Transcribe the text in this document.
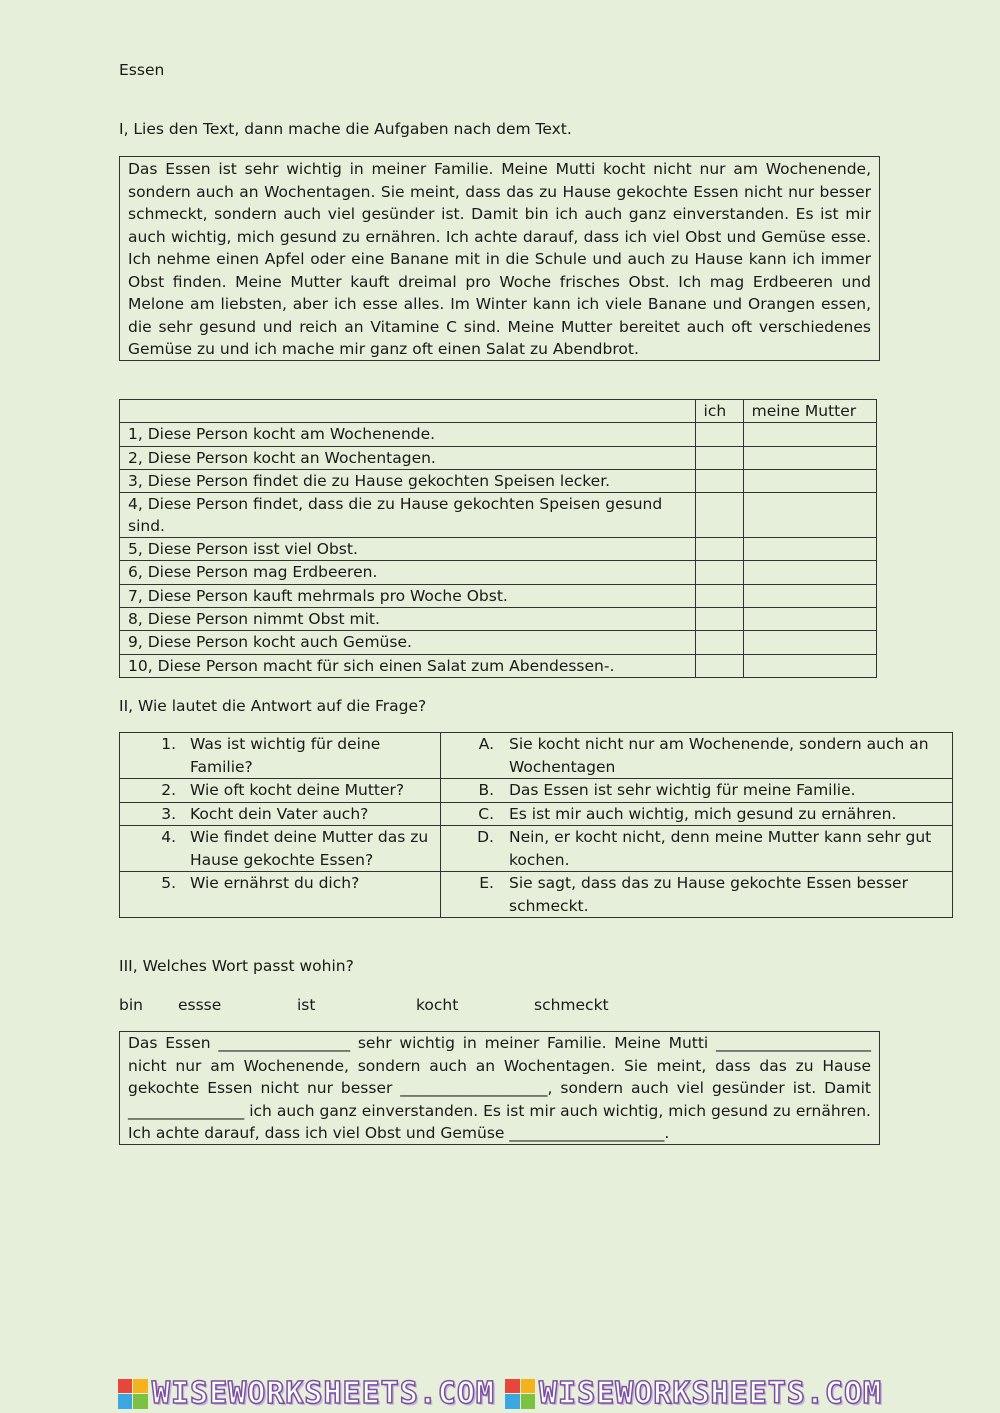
Essen
I, Lies den Text, dann mache die Aufgaben nach dem Text.
Das Essen ist sehr wichtig in meiner Familie. Meine Mutti kocht nicht nur am Wochenende, sondern auch an Wochentagen. Sie meint, dass das zu Hause gekochte Essen nicht nur besser schmeckt, sondern auch viel gesünder ist. Damit bin ich auch ganz einverstanden. Es ist mir auch wichtig, mich gesund zu ernähren. Ich achte darauf, dass ich viel Obst und Gemüse esse. Ich nehme einen Apfel oder eine Banane mit in die Schule und auch zu Hause kann ich immer Obst finden. Meine Mutter kauft dreimal pro Woche frisches Obst. Ich mag Erdbeeren und Melone am liebsten, aber ich esse alles. Im Winter kann ich viele Banane und Orangen essen, die sehr gesund und reich an Vitamine C sind. Meine Mutter bereitet auch oft verschiedenes Gemüse zu und ich mache mir ganz oft einen Salat zu Abendbrot.
	ich	meine Mutter
1, Diese Person kocht am Wochenende.		
2, Diese Person kocht an Wochentagen.		
3, Diese Person findet die zu Hause gekochten Speisen lecker.		
4, Diese Person findet, dass die zu Hause gekochten Speisen gesund sind.		
5, Diese Person isst viel Obst.		
6, Diese Person mag Erdbeeren.		
7, Diese Person kauft mehrmals pro Woche Obst.		
8, Diese Person nimmt Obst mit.		
9, Diese Person kocht auch Gemüse.		
10, Diese Person macht für sich einen Salat zum Abendessen-.		
II, Wie lautet die Antwort auf die Frage?
1. Was ist wichtig für deine Familie?	A. Sie kocht nicht nur am Wochenende, sondern auch an Wochentagen

2. Wie oft kocht deine Mutter?	B. Das Essen ist sehr wichtig für meine Familie.

3. Kocht dein Vater auch?	C. Es ist mir auch wichtig, mich gesund zu ernähren.

4. Wie findet deine Mutter das zu Hause gekochte Essen?	D. Nein, er kocht nicht, denn meine Mutter kann sehr gut kochen.

5. Wie ernährst du dich?	E. Sie sagt, dass das zu Hause gekochte Essen besser schmeckt.
III, Welches Wort passt wohin?
bin essse	ist	kocht	schmeckt
Das Essen _________________ sehr wichtig in meiner Familie. Meine Mutti ____________________ nicht nur am Wochenende, sondern auch an Wochentagen. Sie meint, dass das zu Hause gekochte Essen nicht nur besser ___________________, sondern auch viel gesünder ist. Damit _______________ ich auch ganz einverstanden. Es ist mir auch wichtig, mich gesund zu ernähren. Ich achte darauf, dass ich viel Obst und Gemüse ____________________.
WISEWORKSHEETS.COM WISEWORKSHEETS.COM
